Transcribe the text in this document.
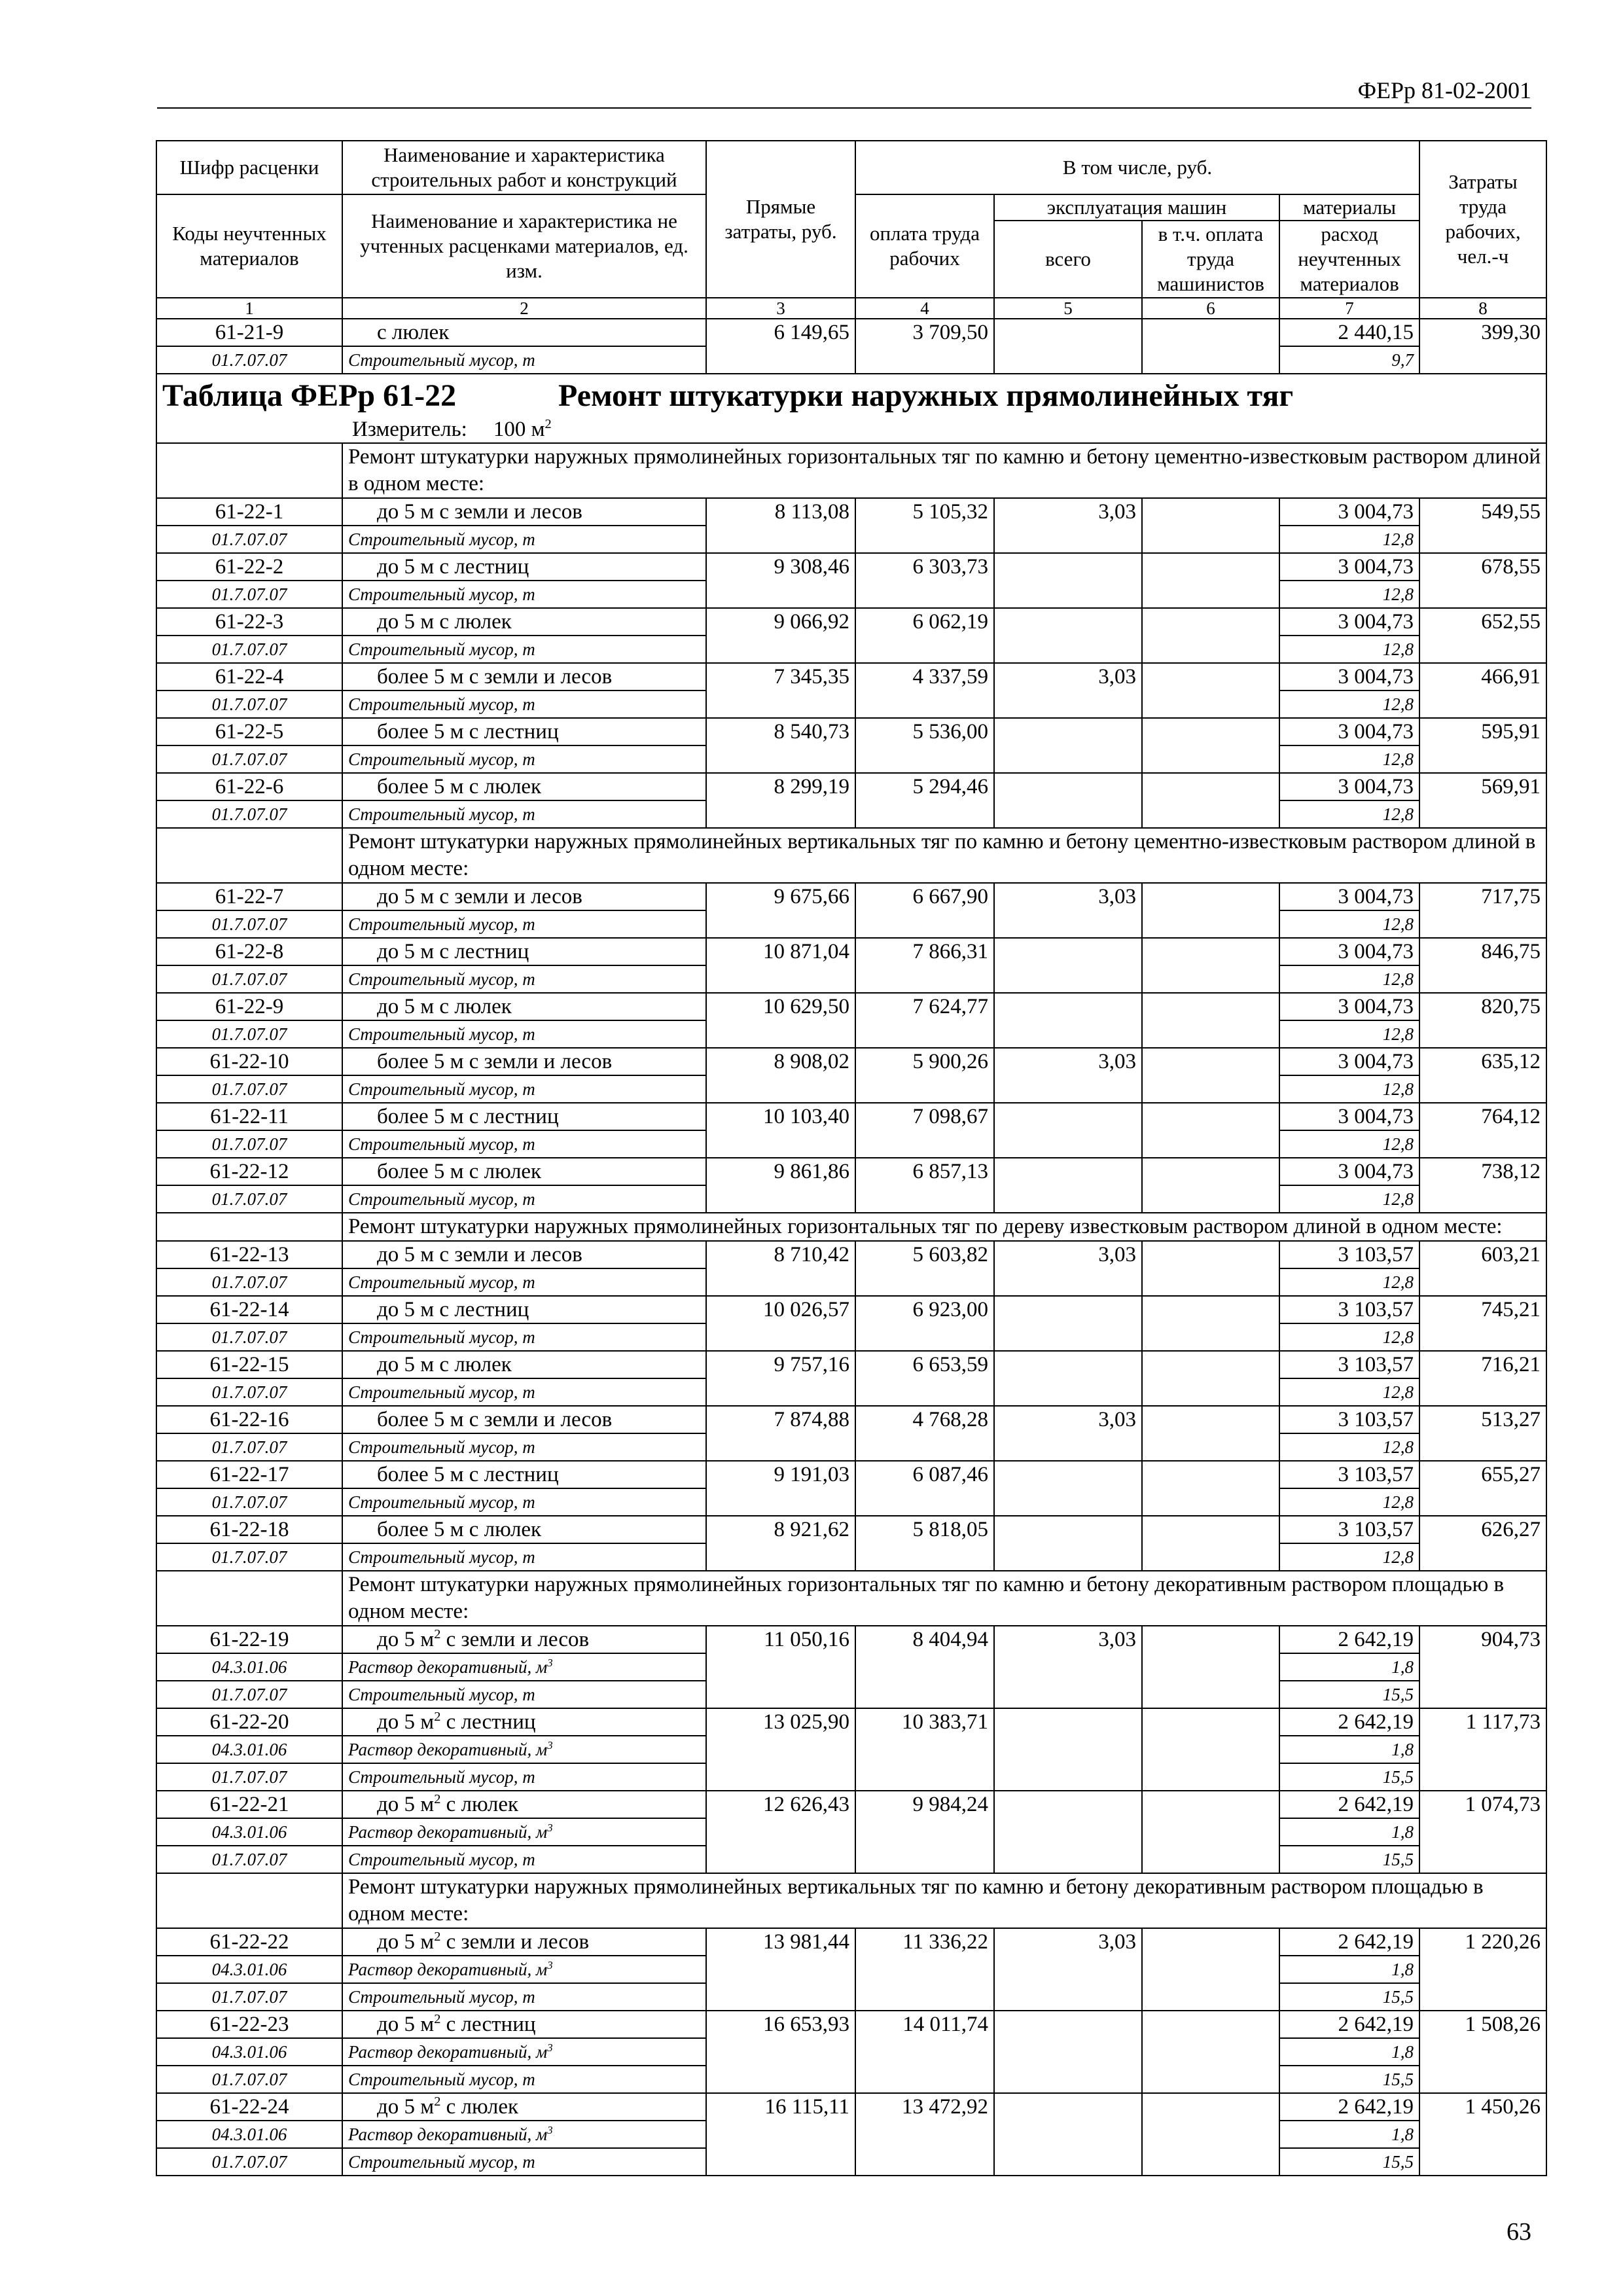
ФЕРр 81-02-2001
Шифр расценки	Наименование и характеристика строительных работ и конструкций	Прямые затраты, руб.	В том числе, руб.				Затраты труда рабочих, чел.-ч

Коды неучтенных материалов	Наименование и характеристика не учтенных расценками материалов, ед. изм.		оплата труда рабочих	эксплуатация машин		материалы	
				всего	в т.ч. оплата труда машинистов	расход неучтенных материалов	
1	2	3	4	5	6	7	8
61-21-9	с люлек	6 149,65	3 709,50			2 440,15	399,30
01.7.07.07	Строительный мусор, т					9,7	

Таблица ФЕРр 61-22 Ремонт штукатурки наружных прямолинейных тяг
Измеритель: 100 $м^2$

	Ремонт штукатурки наружных прямолинейных горизонтальных тяг по камню и бетону цементно-известковым раствором длиной в одном месте:						
61-22-1	до 5 м с земли и лесов	8 113,08	5 105,32	3,03		3 004,73	549,55
01.7.07.07	Строительный мусор, т					12,8	
61-22-2	до 5 м с лестниц	9 308,46	6 303,73			3 004,73	678,55
01.7.07.07	Строительный мусор, т					12,8	
61-22-3	до 5 м с люлек	9 066,92	6 062,19			3 004,73	652,55
01.7.07.07	Строительный мусор, т					12,8	
61-22-4	более 5 м с земли и лесов	7 345,35	4 337,59	3,03		3 004,73	466,91
01.7.07.07	Строительный мусор, т					12,8	
61-22-5	более 5 м с лестниц	8 540,73	5 536,00			3 004,73	595,91
01.7.07.07	Строительный мусор, т					12,8	
61-22-6	более 5 м с люлек	8 299,19	5 294,46			3 004,73	569,91
01.7.07.07	Строительный мусор, т					12,8	
	Ремонт штукатурки наружных прямолинейных вертикальных тяг по камню и бетону цементно-известковым раствором длиной в одном месте:						
61-22-7	до 5 м с земли и лесов	9 675,66	6 667,90	3,03		3 004,73	717,75
01.7.07.07	Строительный мусор, т					12,8	
61-22-8	до 5 м с лестниц	10 871,04	7 866,31			3 004,73	846,75
01.7.07.07	Строительный мусор, т					12,8	
61-22-9	до 5 м с люлек	10 629,50	7 624,77			3 004,73	820,75
01.7.07.07	Строительный мусор, т					12,8	
61-22-10	более 5 м с земли и лесов	8 908,02	5 900,26	3,03		3 004,73	635,12
01.7.07.07	Строительный мусор, т					12,8	
61-22-11	более 5 м с лестниц	10 103,40	7 098,67			3 004,73	764,12
01.7.07.07	Строительный мусор, т					12,8	
61-22-12	более 5 м с люлек	9 861,86	6 857,13			3 004,73	738,12
01.7.07.07	Строительный мусор, т					12,8	
	Ремонт штукатурки наружных прямолинейных горизонтальных тяг по дереву известковым раствором длиной в одном месте:						
61-22-13	до 5 м с земли и лесов	8 710,42	5 603,82	3,03		3 103,57	603,21
01.7.07.07	Строительный мусор, т					12,8	
61-22-14	до 5 м с лестниц	10 026,57	6 923,00			3 103,57	745,21
01.7.07.07	Строительный мусор, т					12,8	
61-22-15	до 5 м с люлек	9 757,16	6 653,59			3 103,57	716,21
01.7.07.07	Строительный мусор, т					12,8	
61-22-16	более 5 м с земли и лесов	7 874,88	4 768,28	3,03		3 103,57	513,27
01.7.07.07	Строительный мусор, т					12,8	
61-22-17	более 5 м с лестниц	9 191,03	6 087,46			3 103,57	655,27
01.7.07.07	Строительный мусор, т					12,8	
61-22-18	более 5 м с люлек	8 921,62	5 818,05			3 103,57	626,27
01.7.07.07	Строительный мусор, т					12,8	
	Ремонт штукатурки наружных прямолинейных горизонтальных тяг по камню и бетону декоративным раствором площадью в одном месте:						
61-22-19	до 5 $м^2$ с земли и лесов	11 050,16	8 404,94	3,03		2 642,19	904,73
04.3.01.06	Раствор декоративный, $м^3$					1,8	
01.7.07.07	Строительный мусор, т					15,5	
61-22-20	до 5 $м^2$ с лестниц	13 025,90	10 383,71			2 642,19	1 117,73
04.3.01.06	Раствор декоративный, $м^3$					1,8	
01.7.07.07	Строительный мусор, т					15,5	
61-22-21	до 5 $м^2$ с люлек	12 626,43	9 984,24			2 642,19	1 074,73
04.3.01.06	Раствор декоративный, $м^3$					1,8	
01.7.07.07	Строительный мусор, т					15,5	
	Ремонт штукатурки наружных прямолинейных вертикальных тяг по камню и бетону декоративным раствором площадью в одном месте:						
61-22-22	до 5 $м^2$ с земли и лесов	13 981,44	11 336,22	3,03		2 642,19	1 220,26
04.3.01.06	Раствор декоративный, $м^3$					1,8	
01.7.07.07	Строительный мусор, т					15,5	
61-22-23	до 5 $м^2$ с лестниц	16 653,93	14 011,74			2 642,19	1 508,26
04.3.01.06	Раствор декоративный, $м^3$					1,8	
01.7.07.07	Строительный мусор, т					15,5	
61-22-24	до 5 $м^2$ с люлек	16 115,11	13 472,92			2 642,19	1 450,26
04.3.01.06	Раствор декоративный, $м^3$					1,8	
01.7.07.07	Строительный мусор, т					15,5	
63
